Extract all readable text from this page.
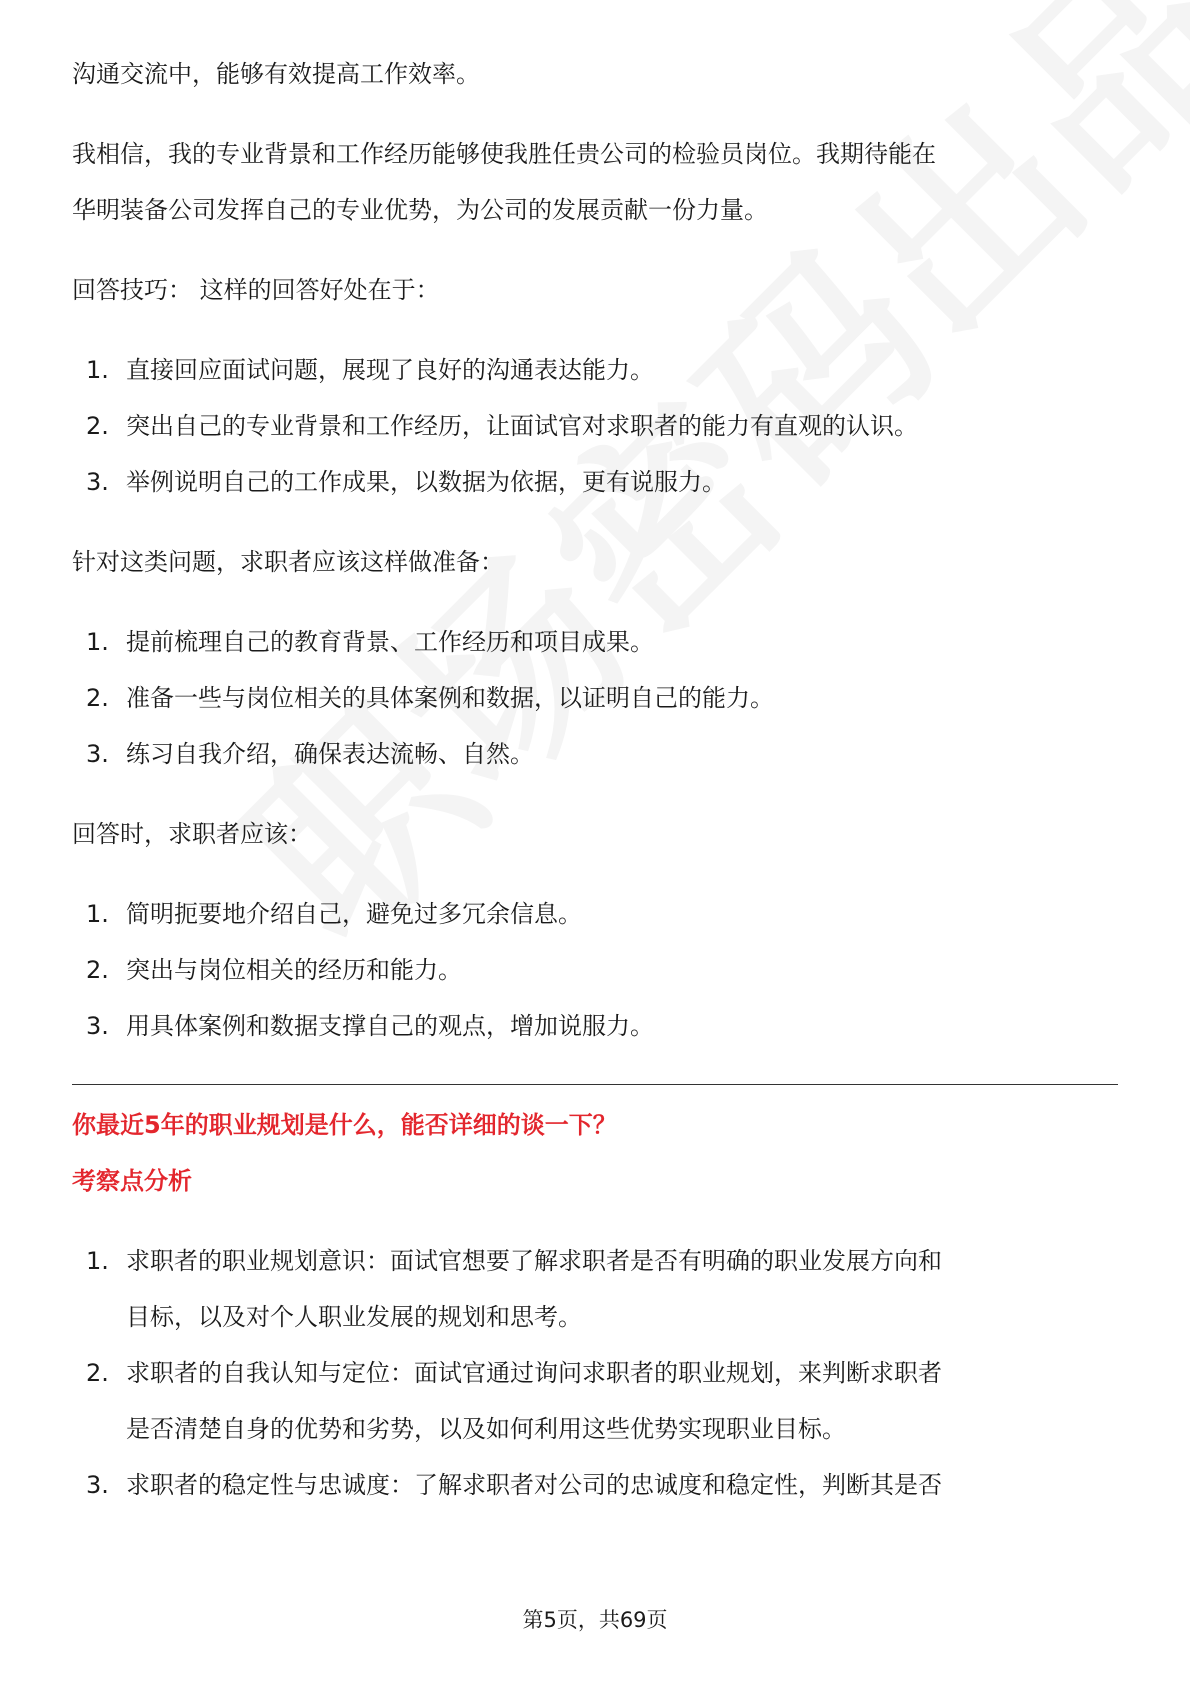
沟通交流中，能够有效提高工作效率。

我相信，我的专业背景和工作经历能够使我胜任贵公司的检验员岗位。我期待能在
华明装备公司发挥自己的专业优势，为公司的发展贡献一份力量。

回答技巧： 这样的回答好处在于：

1. 直接回应面试问题，展现了良好的沟通表达能力。
2. 突出自己的专业背景和工作经历，让面试官对求职者的能力有直观的认识。
3. 举例说明自己的工作成果，以数据为依据，更有说服力。

针对这类问题，求职者应该这样做准备：

1. 提前梳理自己的教育背景、工作经历和项目成果。
2. 准备一些与岗位相关的具体案例和数据，以证明自己的能力。
3. 练习自我介绍，确保表达流畅、自然。

回答时，求职者应该：

1. 简明扼要地介绍自己，避免过多冗余信息。
2. 突出与岗位相关的经历和能力。
3. 用具体案例和数据支撑自己的观点，增加说服力。

你最近5年的职业规划是什么，能否详细的谈一下？

考察点分析

1. 求职者的职业规划意识：面试官想要了解求职者是否有明确的职业发展方向和
目标，以及对个人职业发展的规划和思考。
2. 求职者的自我认知与定位：面试官通过询问求职者的职业规划，来判断求职者
是否清楚自身的优势和劣势，以及如何利用这些优势实现职业目标。
3. 求职者的稳定性与忠诚度：了解求职者对公司的忠诚度和稳定性，判断其是否
第5页，共69页
